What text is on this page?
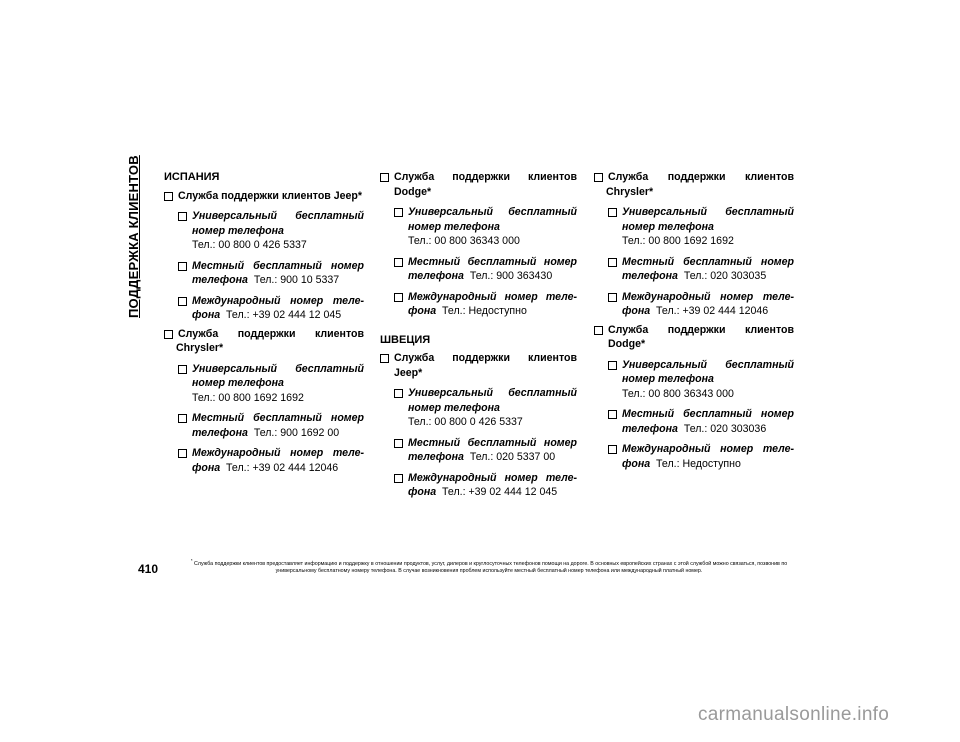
ПОДДЕРЖКА КЛИЕНТОВ	ИСПАНИЯ
Служба поддержки клиентов Jeep*
Универсальный бесплатный
номер телефона
Тел.: 00 800 0 426 5337
Местный бесплатный номер
телефона Тел.: 900 10 5337
Международный номер теле-
фона Тел.: +39 02 444 12 045
Служба поддержки клиентов
Chrysler*
Универсальный бесплатный
номер телефона
Тел.: 00 800 1692 1692
Местный бесплатный номер
телефона Тел.: 900 1692 00
Международный номер теле-
фона Тел.: +39 02 444 12046
Служба поддержки клиентов Dodge*
Универсальный бесплатный
номер телефона
Тел.: 00 800 36343 000
Местный бесплатный номер
телефона Тел.: 900 363430
Международный номер теле-
фона Тел.: Недоступно
ШВЕЦИЯ
Служба поддержки клиентов Jeep*
Универсальный бесплатный
номер телефона
Тел.: 00 800 0 426 5337
Местный бесплатный номер
телефона Тел.: 020 5337 00
Международный номер теле-
фона Тел.: +39 02 444 12 045
Служба поддержки клиентов
Chrysler*
Универсальный бесплатный
номер телефона
Тел.: 00 800 1692 1692
Местный бесплатный номер
телефона Тел.: 020 303035
Международный номер теле-
фона Тел.: +39 02 444 12046
Служба поддержки клиентов Dodge*
Универсальный бесплатный
номер телефона
Тел.: 00 800 36343 000
Местный бесплатный номер
телефона Тел.: 020 303036
Международный номер теле-
фона Тел.: Недоступно
410
* Служба поддержки клиентов предоставляет информацию и поддержку в отношении продуктов, услуг, дилеров и круглосуточных телефонов помощи на дороге. В основных европейских странах с этой службой можно связаться, позвонив по универсальному бесплатному номеру телефона. В случае возникновения проблем используйте местный бесплатный номер телефона или международный платный номер.
carmanualsonline.info
